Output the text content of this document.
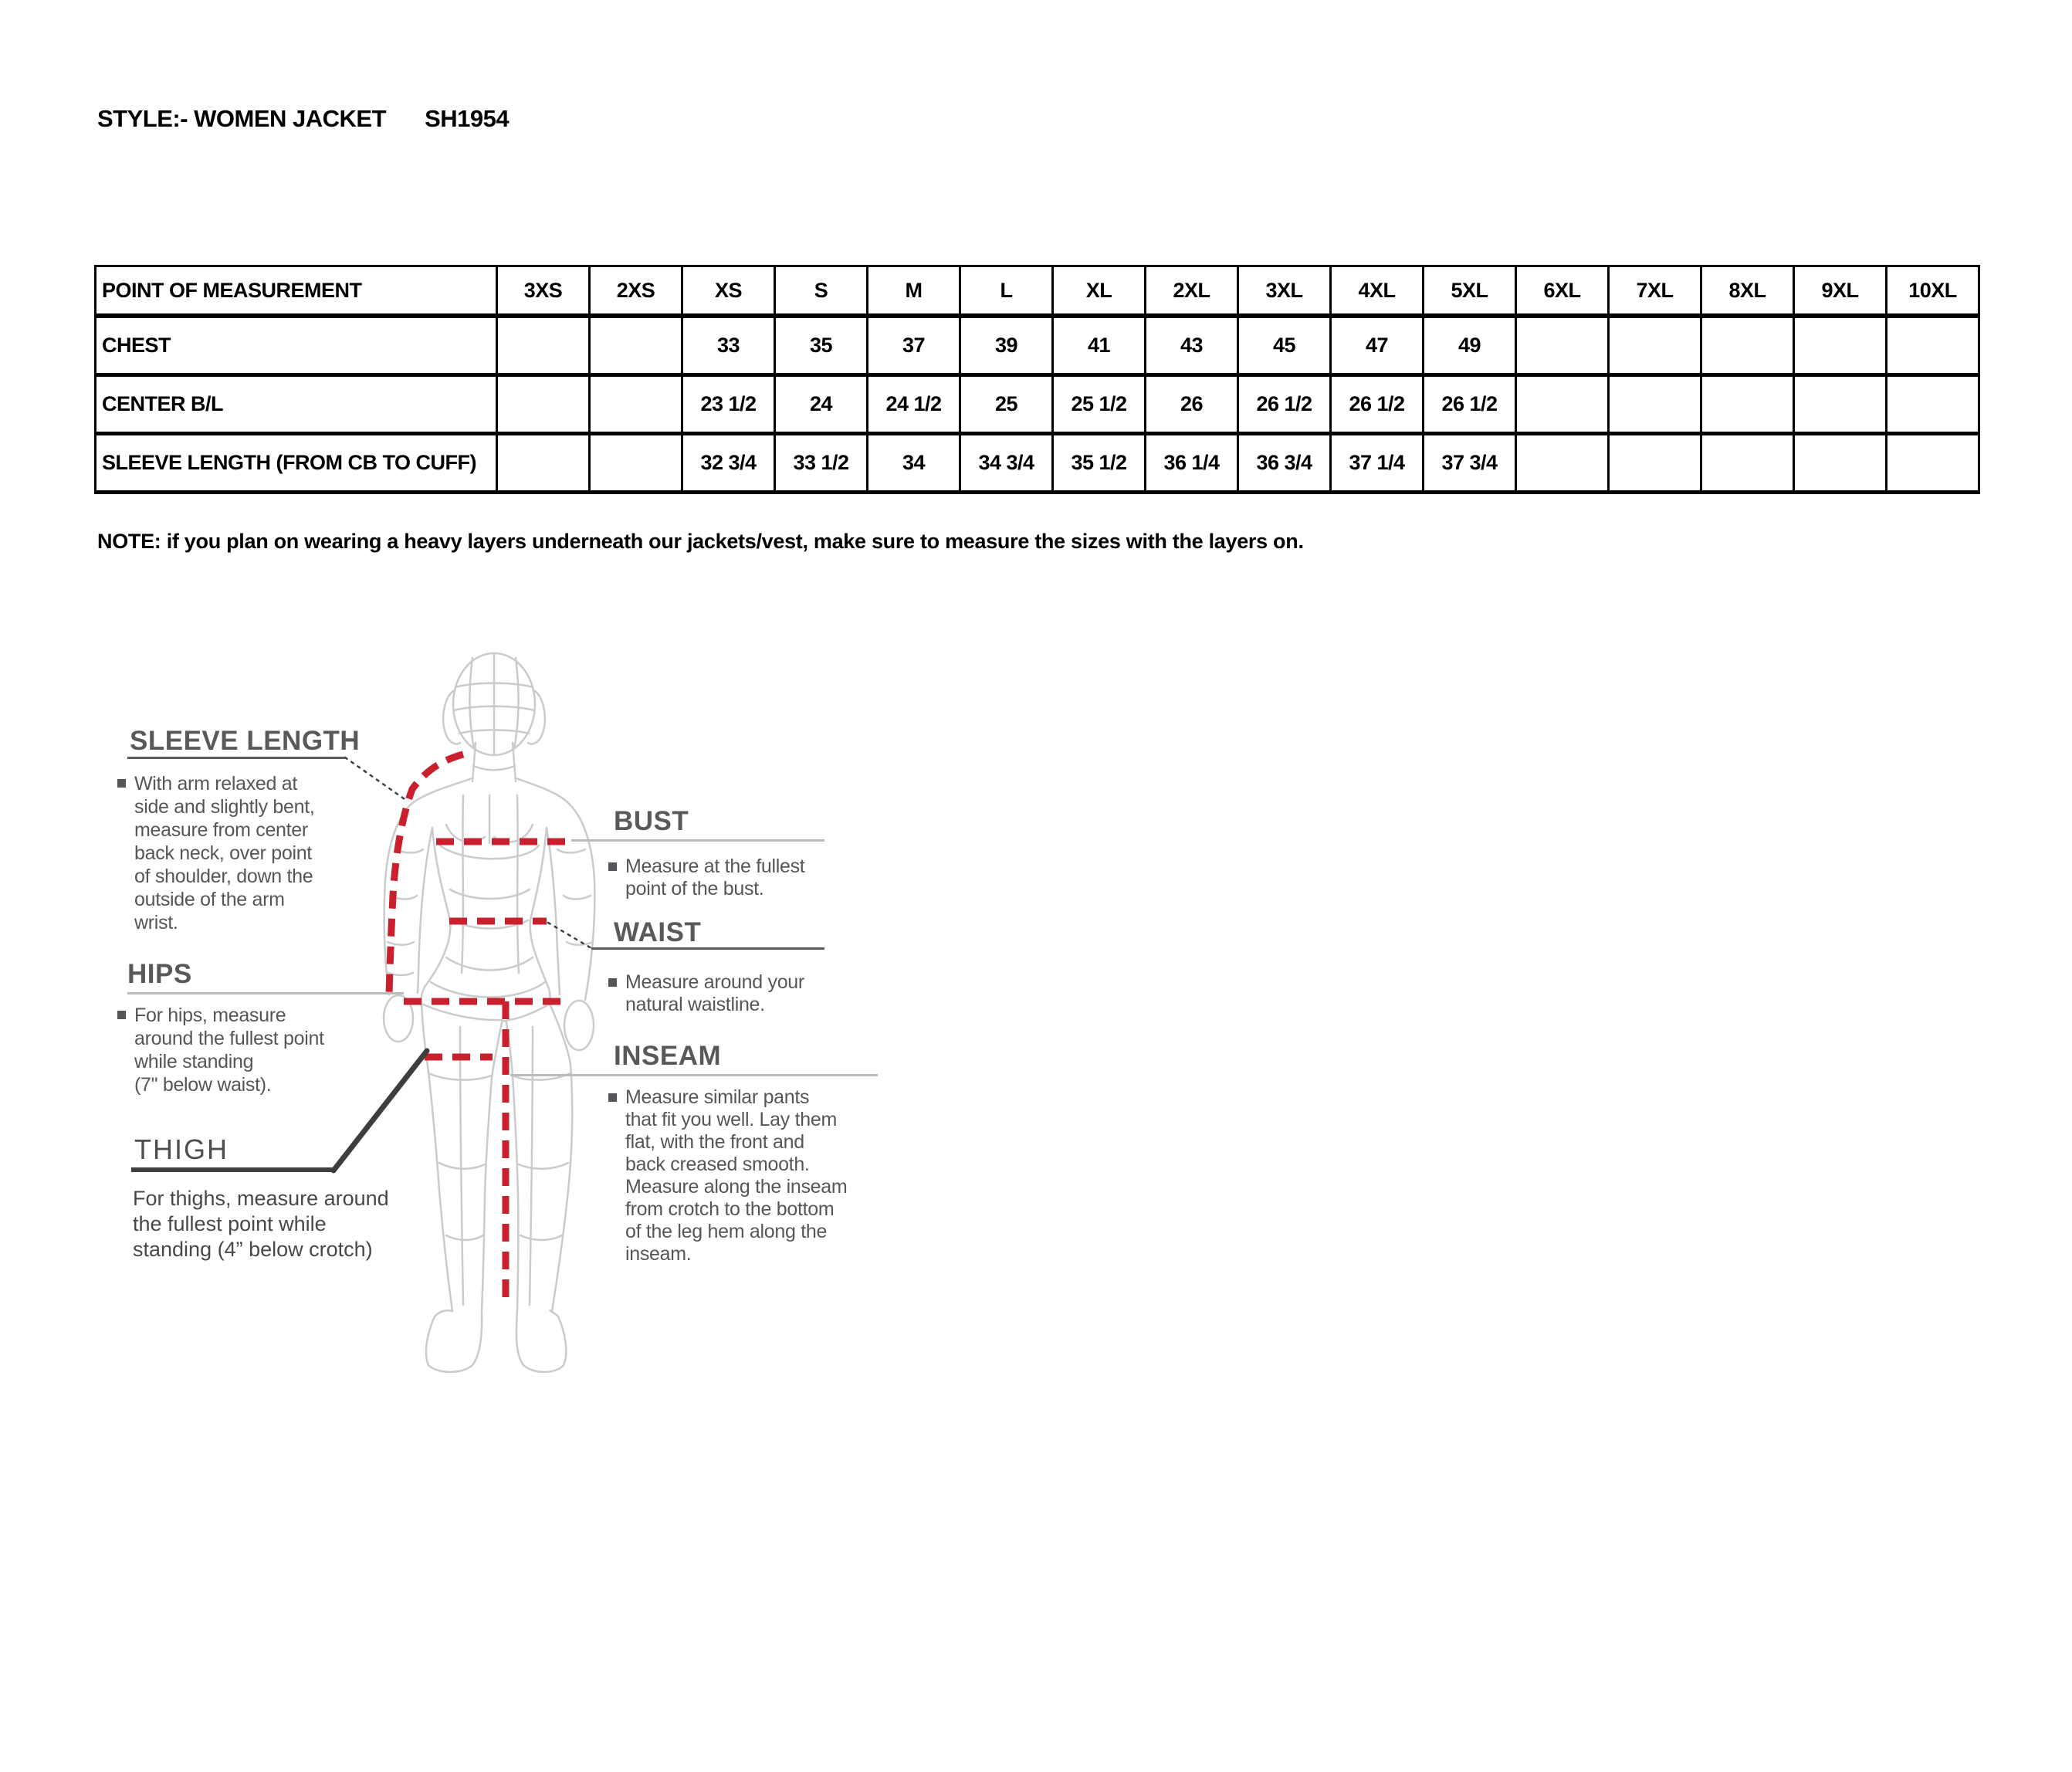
STYLE:- WOMEN JACKET SH1954
POINT OF MEASUREMENT	3XS	2XS	XS	S	M	L	XL	2XL	3XL	4XL	5XL	6XL	7XL	8XL	9XL	10XL
CHEST			33	35	37	39	41	43	45	47	49					
CENTER B/L			23 1/2	24	24 1/2	25	25 1/2	26	26 1/2	26 1/2	26 1/2					
SLEEVE LENGTH (FROM CB TO CUFF)			32 3/4	33 1/2	34	34 3/4	35 1/2	36 1/4	36 3/4	37 1/4	37 3/4					
NOTE: if you plan on wearing a heavy layers underneath our jackets/vest, make sure to measure the sizes with the layers on.
SLEEVE LENGTH
HIPS
THIGH
BUST
WAIST
INSEAM
With arm relaxed at
side and slightly bent,
measure from center
back neck, over point
of shoulder, down the
outside of the arm
wrist.
For hips, measure
around the fullest point
while standing
(7" below waist).
For thighs, measure around
the fullest point while
standing (4” below crotch)
Measure at the fullest
point of the bust.
Measure around your
natural waistline.
Measure similar pants
that fit you well. Lay them
flat, with the front and
back creased smooth.
Measure along the inseam
from crotch to the bottom
of the leg hem along the
inseam.
